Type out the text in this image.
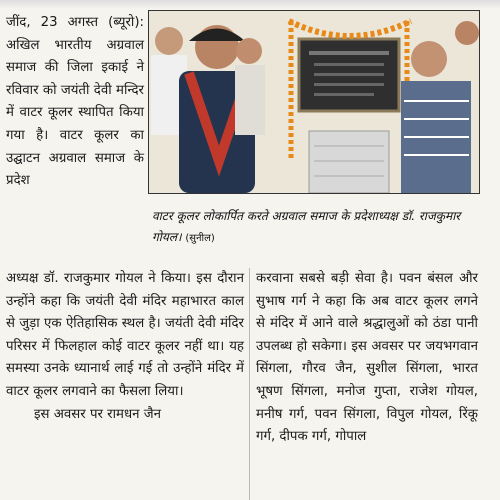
जींद, 23 अगस्त (ब्यूरो): अखिल भारतीय अग्रवाल समाज की जिला इकाई ने रविवार को जयंती देवी मन्दिर में वाटर कूलर स्थापित किया गया है। वाटर कूलर का उद्घाटन अग्रवाल समाज के प्रदेश

वाटर कूलर लोकार्पित करते अग्रवाल समाज के प्रदेशाध्यक्ष डॉ. राजकुमार गोयल। (सुनील)

अध्यक्ष डॉ. राजकुमार गोयल ने किया। इस दौरान उन्होंने कहा कि जयंती देवी मंदिर महाभारत काल से जुड़ा एक ऐतिहासिक स्थल है। जयंती देवी मंदिर परिसर में फिलहाल कोई वाटर कूलर नहीं था। यह समस्या उनके ध्यानार्थ लाई गई तो उन्होंने मंदिर में वाटर कूलर लगवाने का फैसला लिया।

इस अवसर पर रामधन जैन

करवाना सबसे बड़ी सेवा है। पवन बंसल और सुभाष गर्ग ने कहा कि अब वाटर कूलर लगने से मंदिर में आने वाले श्रद्धालुओं को ठंडा पानी उपलब्ध हो सकेगा। इस अवसर पर जयभगवान सिंगला, गौरव जैन, सुशील सिंगला, भारत भूषण सिंगला, मनोज गुप्ता, राजेश गोयल, मनीष गर्ग, पवन सिंगला, विपुल गोयल, रिंकू गर्ग, दीपक गर्ग, गोपाल
